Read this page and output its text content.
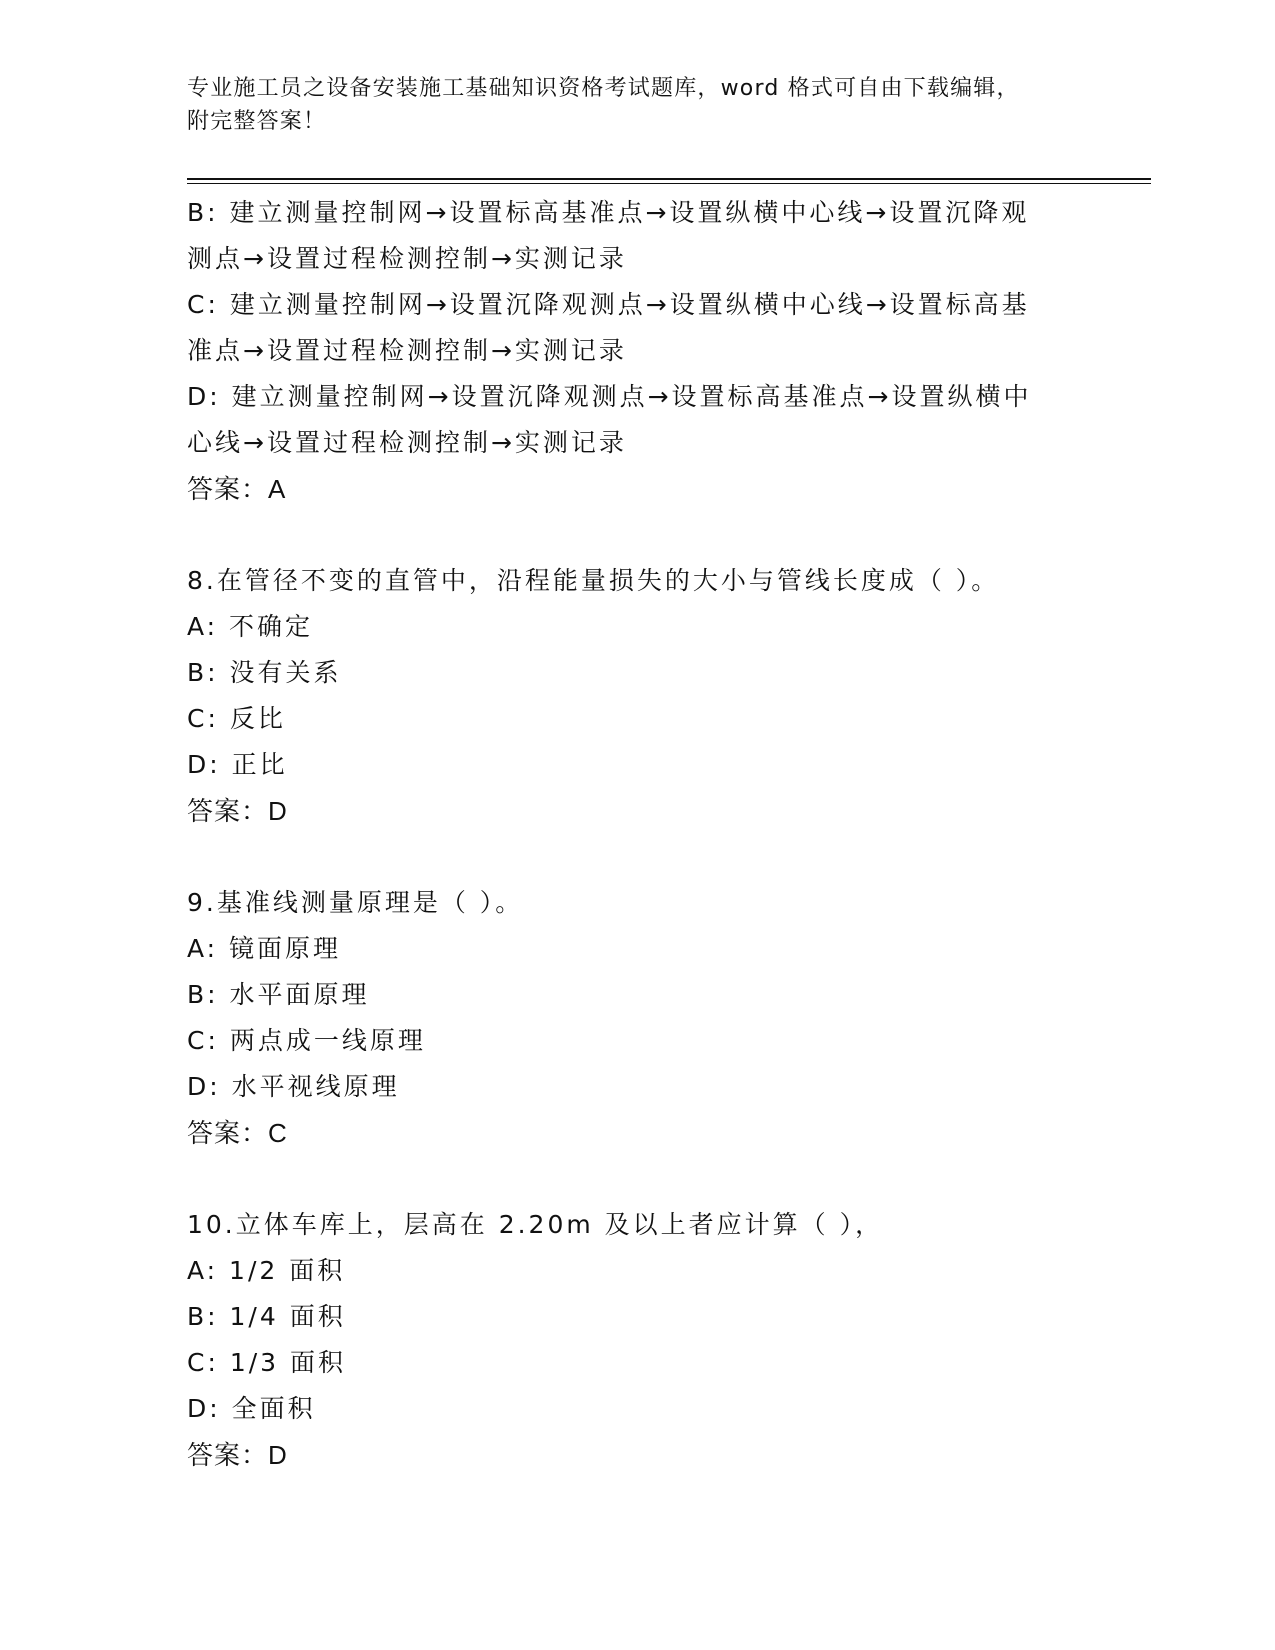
专业施工员之设备安装施工基础知识资格考试题库，word 格式可自由下载编辑，
附完整答案！
B: 建立测量控制网→设置标高基准点→设置纵横中心线→设置沉降观
测点→设置过程检测控制→实测记录
C: 建立测量控制网→设置沉降观测点→设置纵横中心线→设置标高基
准点→设置过程检测控制→实测记录
D: 建立测量控制网→设置沉降观测点→设置标高基准点→设置纵横中
心线→设置过程检测控制→实测记录
答案：A
8.在管径不变的直管中，沿程能量损失的大小与管线长度成（ ）。
A: 不确定
B: 没有关系
C: 反比
D: 正比
答案：D
9.基准线测量原理是（ ）。
A: 镜面原理
B: 水平面原理
C: 两点成一线原理
D: 水平视线原理
答案：C
10.立体车库上，层高在 2.20m 及以上者应计算（ ），
A: 1/2 面积
B: 1/4 面积
C: 1/3 面积
D: 全面积
答案：D
